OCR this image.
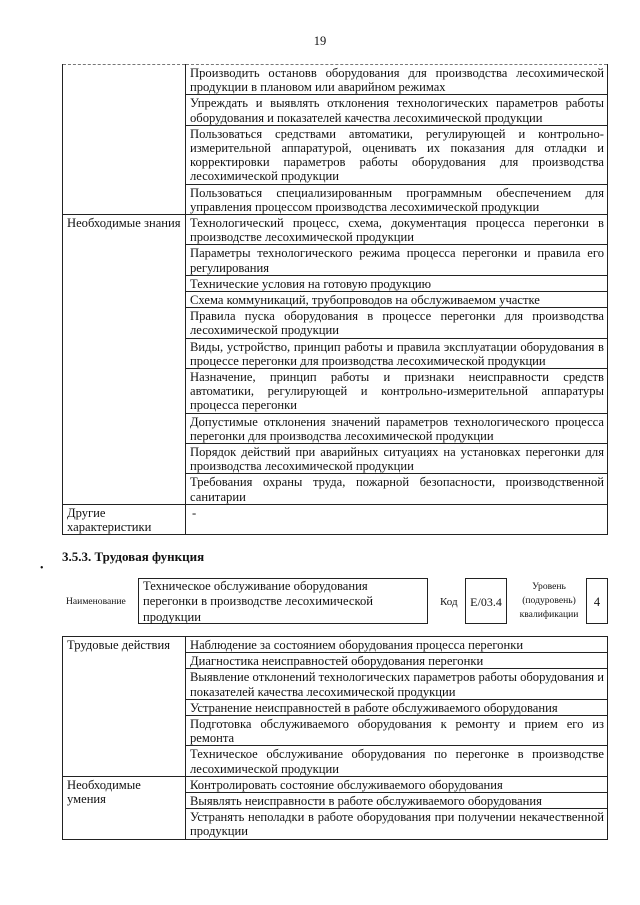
19
	Производить остановв оборудования для производства лесохимической продукции в плановом или аварийном режимах
	Упреждать и выявлять отклонения технологических параметров работы оборудования и показателей качества лесохимической продукции
	Пользоваться средствами автоматики, регулирующей и контрольно-измерительной аппаратурой, оценивать их показания для отладки и корректировки параметров работы оборудования для производства лесохимической продукции
	Пользоваться специализированным программным обеспечением для управления процессом производства лесохимической продукции
Необходимые знания	Технологический процесс, схема, документация процесса перегонки в производстве лесохимической продукции
	Параметры технологического режима процесса перегонки и правила его регулирования
	Технические условия на готовую продукцию
	Схема коммуникаций, трубопроводов на обслуживаемом участке
	Правила пуска оборудования в процессе перегонки для производства лесохимической продукции
	Виды, устройство, принцип работы и правила эксплуатации оборудования в процессе перегонки для производства лесохимической продукции
	Назначение, принцип работы и признаки неисправности средств автоматики, регулирующей и контрольно-измерительной аппаратуры процесса перегонки
	Допустимые отклонения значений параметров технологического процесса перегонки для производства лесохимической продукции
	Порядок действий при аварийных ситуациях на установках перегонки для производства лесохимической продукции
	Требования охраны труда, пожарной безопасности, производственной санитарии
Другие характеристики	-
•
3.5.3. Трудовая функция
Наименование
Техническое обслуживание оборудования перегонки в производстве лесохимической продукции
Код	E/03.4
Уровень (подуровень) квалификации
4
Трудовые действия	Наблюдение за состоянием оборудования процесса перегонки
	Диагностика неисправностей оборудования перегонки
	Выявление отклонений технологических параметров работы оборудования и показателей качества лесохимической продукции
	Устранение неисправностей в работе обслуживаемого оборудования
	Подготовка обслуживаемого оборудования к ремонту и прием его из ремонта
	Техническое обслуживание оборудования по перегонке в производстве лесохимической продукции
Необходимые умения	Контролировать состояние обслуживаемого оборудования
	Выявлять неисправности в работе обслуживаемого оборудования
	Устранять неполадки в работе оборудования при получении некачественной продукции
